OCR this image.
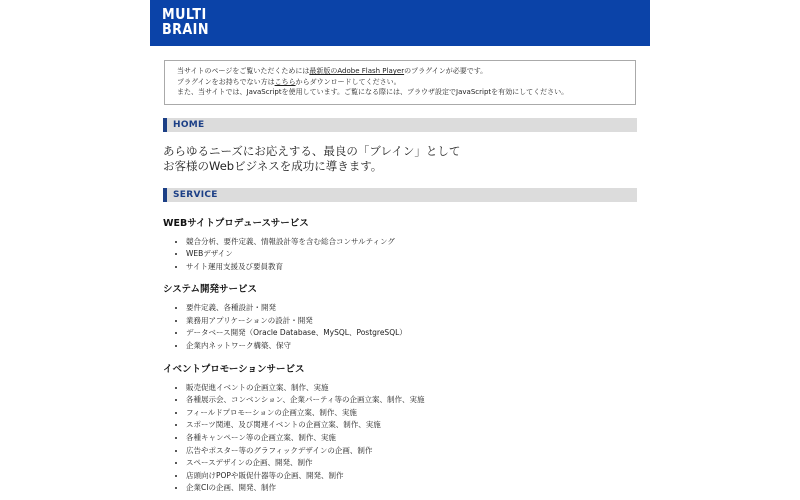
MULTI
BRAIN
当サイトのページをご覧いただくためには最新版のAdobe Flash Playerのプラグインが必要です。
プラグインをお持ちでない方はこちらからダウンロードしてください。
また、当サイトでは、JavaScriptを使用しています。ご覧になる際には、ブラウザ設定でJavaScriptを有効にしてください。
HOME
あらゆるニーズにお応えする、最良の「ブレイン」として
お客様のWebビジネスを成功に導きます。
SERVICE
WEBサイトプロデュースサービス
• 競合分析、要件定義、情報設計等を含む総合コンサルティング
• WEBデザイン
• サイト運用支援及び要員教育
システム開発サービス
• 要件定義、各種設計・開発
• 業務用アプリケーションの設計・開発
• データベース開発（Oracle Database、MySQL、PostgreSQL）
• 企業内ネットワーク構築、保守
イベントプロモーションサービス
• 販売促進イベントの企画立案、制作、実施
• 各種展示会、コンベンション、企業パーティ等の企画立案、制作、実施
• フィールドプロモーションの企画立案、制作、実施
• スポーツ関連、及び関連イベントの企画立案、制作、実施
• 各種キャンペーン等の企画立案、制作、実施
• 広告やポスター等のグラフィックデザインの企画、制作
• スペースデザインの企画、開発、制作
• 店頭向けPOPや販促什器等の企画、開発、制作
• 企業CIの企画、開発、制作
